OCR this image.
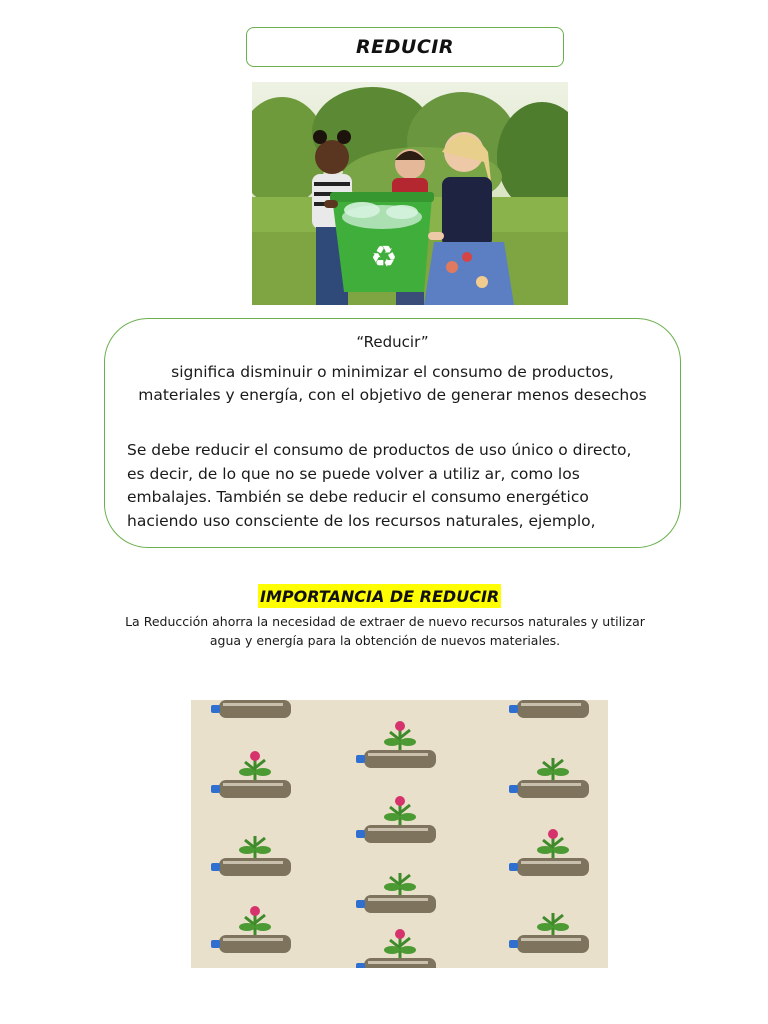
REDUCIR
♻
“Reducir”
significa disminuir o minimizar el consumo de productos,
materiales y energía, con el objetivo de generar menos desechos
Se debe reducir el consumo de productos de uso único o directo,
es decir, de lo que no se puede volver a utiliz ar, como los
embalajes. También se debe reducir el consumo energético
haciendo uso consciente de los recursos naturales, ejemplo,
IMPORTANCIA DE REDUCIR
La Reducción ahorra la necesidad de extraer de nuevo recursos naturales y utilizar
agua y energía para la obtención de nuevos materiales.
